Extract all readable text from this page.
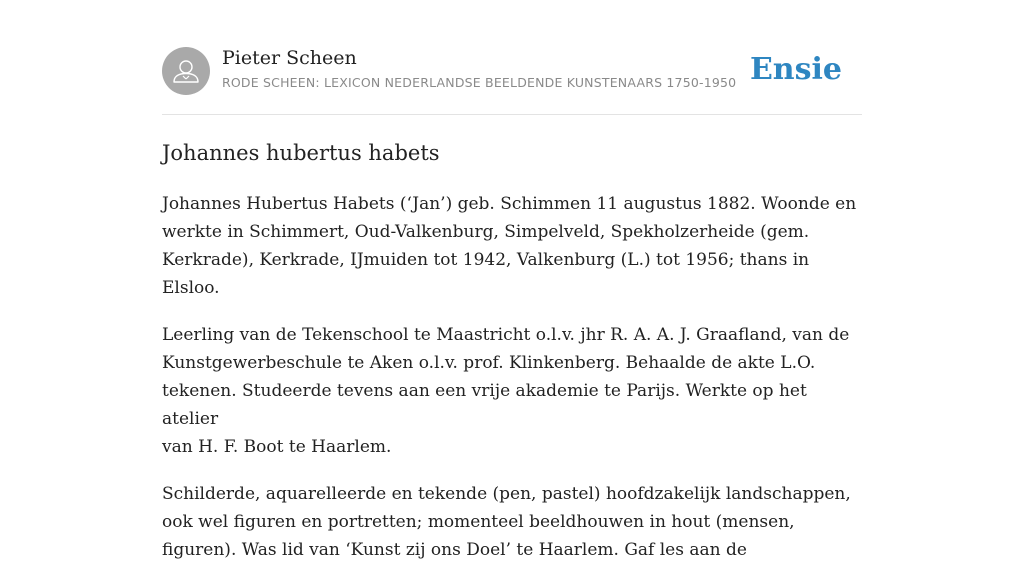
Pieter Scheen
RODE SCHEEN: LEXICON NEDERLANDSE BEELDENDE KUNSTENAARS 1750-1950 Ensie
Johannes hubertus habets

Johannes Hubertus Habets (‘Jan’) geb. Schimmen 11 augustus 1882. Woonde en
werkte in Schimmert, Oud-Valkenburg, Simpelveld, Spekholzerheide (gem.
Kerkrade), Kerkrade, IJmuiden tot 1942, Valkenburg (L.) tot 1956; thans in Elsloo.

Leerling van de Tekenschool te Maastricht o.l.v. jhr R. A. A. J. Graafland, van de
Kunstgewerbeschule te Aken o.l.v. prof. Klinkenberg. Behaalde de akte L.O.
tekenen. Studeerde tevens aan een vrije akademie te Parijs. Werkte op het atelier
van H. F. Boot te Haarlem.

Schilderde, aquarelleerde en tekende (pen, pastel) hoofdzakelijk landschappen,
ook wel figuren en portretten; momenteel beeldhouwen in hout (mensen,
figuren). Was lid van ‘Kunst zij ons Doel’ te Haarlem. Gaf les aan de
